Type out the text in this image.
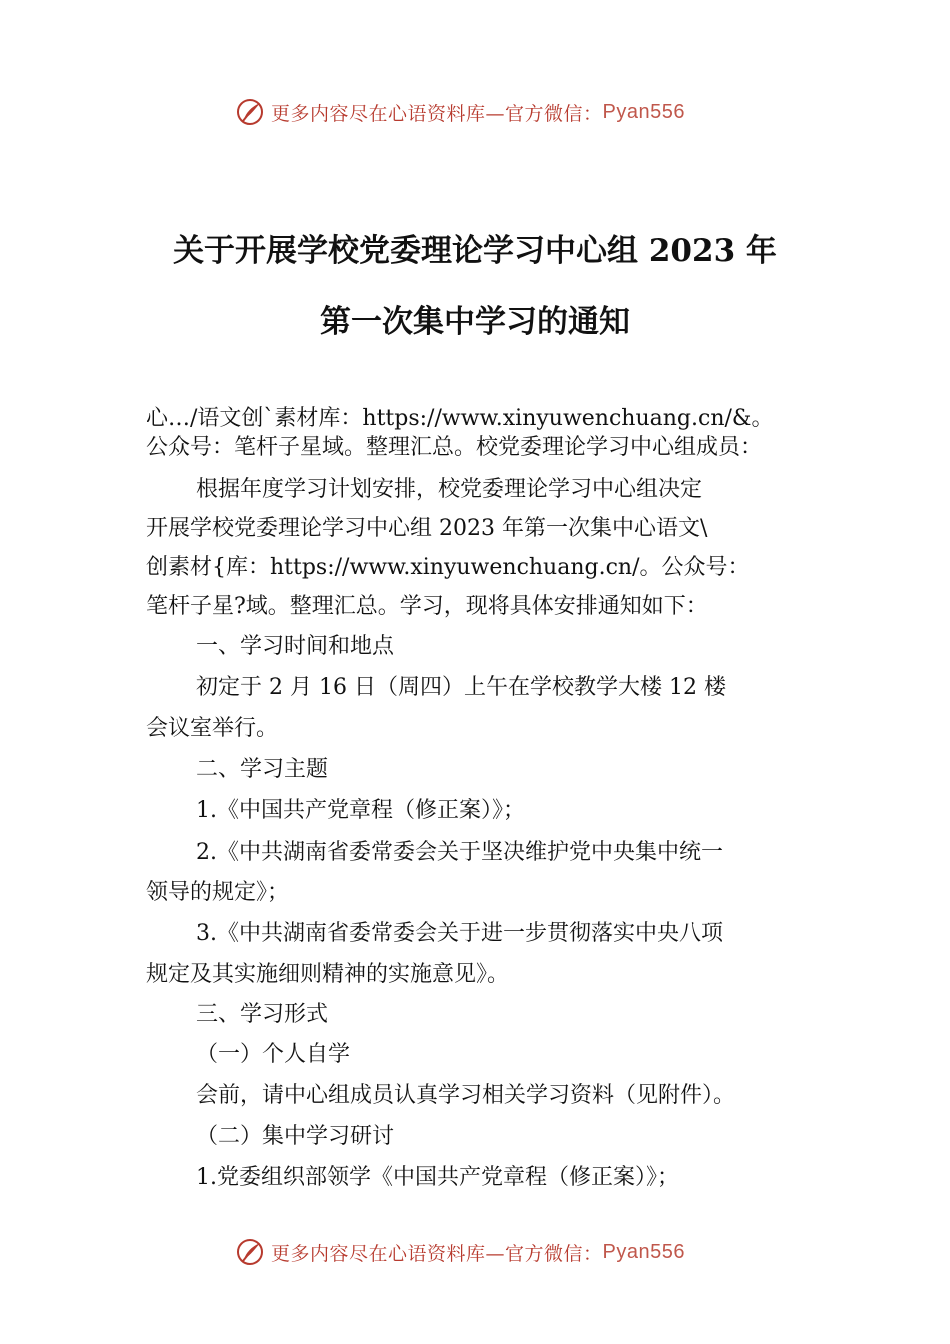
更多内容尽在心语资料库—官方微信： Pyan556
关于开展学校党委理论学习中心组 2023 年
第一次集中学习的通知
心…/语文创`素材库：https://www.xinyuwenchuang.cn/&。
公众号：笔杆子星域。整理汇总。校党委理论学习中心组成员：
根据年度学习计划安排，校党委理论学习中心组决定
开展学校党委理论学习中心组 2023 年第一次集中心语文\
创素材{库：https://www.xinyuwenchuang.cn/。公众号：
笔杆子星?域。整理汇总。学习，现将具体安排通知如下：
一、学习时间和地点
初定于 2 月 16 日（周四）上午在学校教学大楼 12 楼
会议室举行。
二、学习主题
1.《中国共产党章程（修正案）》；
2.《中共湖南省委常委会关于坚决维护党中央集中统一
领导的规定》；
3.《中共湖南省委常委会关于进一步贯彻落实中央八项
规定及其实施细则精神的实施意见》。
三、学习形式
（一）个人自学
会前，请中心组成员认真学习相关学习资料（见附件）。
（二）集中学习研讨
1.党委组织部领学《中国共产党章程（修正案）》；
更多内容尽在心语资料库—官方微信： Pyan556
